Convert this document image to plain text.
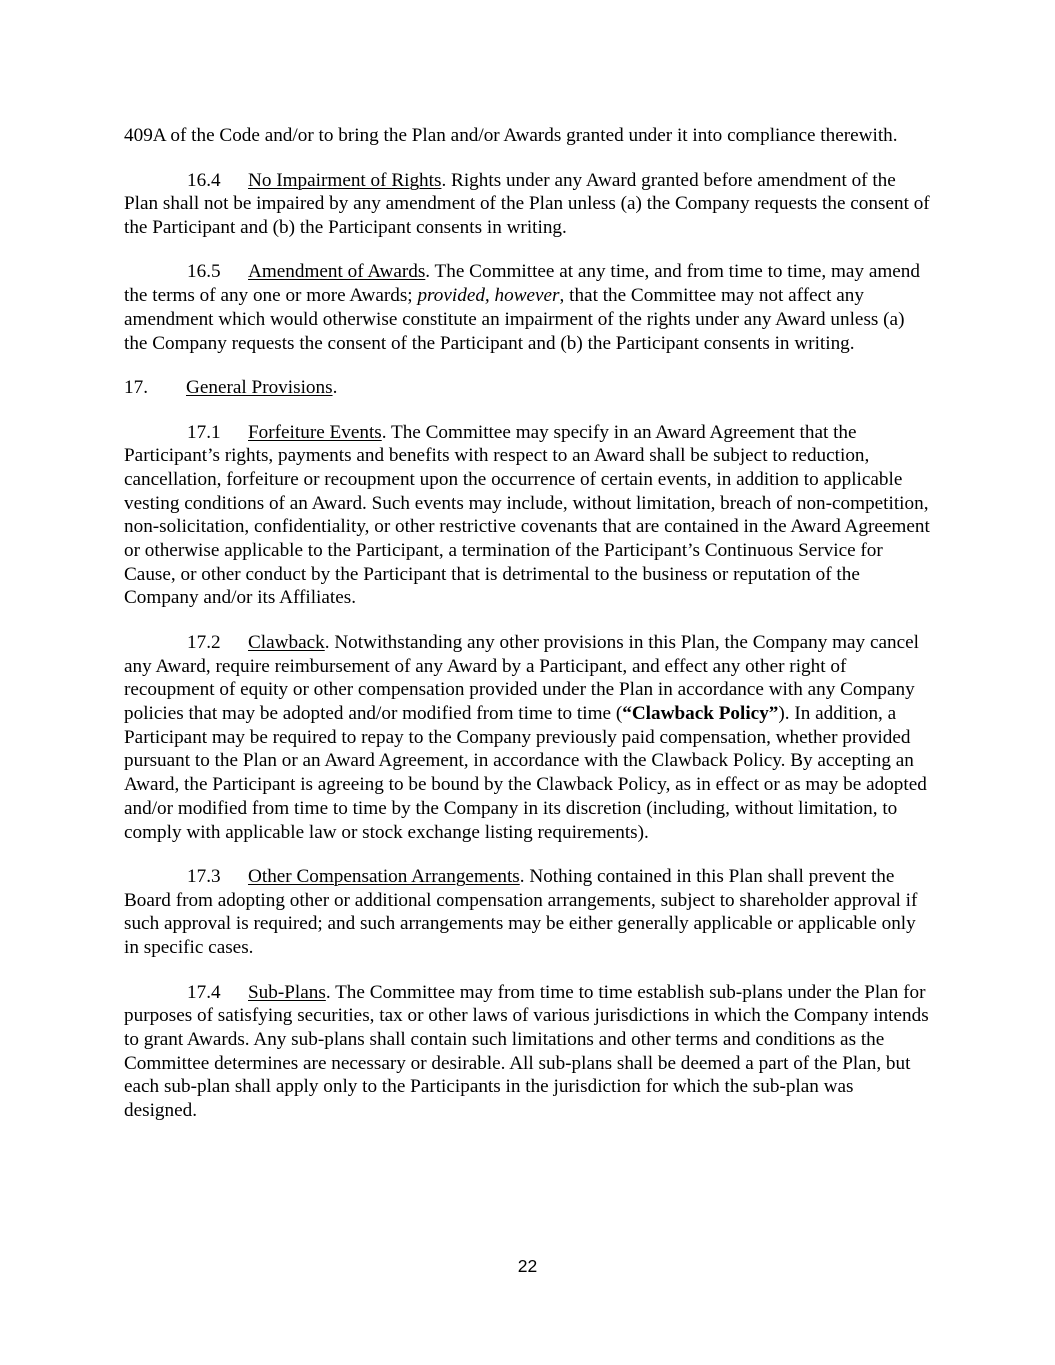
409A of the Code and/or to bring the Plan and/or Awards granted under it into compliance therewith.

16.4 No Impairment of Rights. Rights under any Award granted before amendment of the Plan shall not be impaired by any amendment of the Plan unless (a) the Company requests the consent of the Participant and (b) the Participant consents in writing.

16.5 Amendment of Awards. The Committee at any time, and from time to time, may amend the terms of any one or more Awards; provided, however, that the Committee may not affect any amendment which would otherwise constitute an impairment of the rights under any Award unless (a) the Company requests the consent of the Participant and (b) the Participant consents in writing.

17. General Provisions.

17.1 Forfeiture Events. The Committee may specify in an Award Agreement that the Participant’s rights, payments and benefits with respect to an Award shall be subject to reduction, cancellation, forfeiture or recoupment upon the occurrence of certain events, in addition to applicable vesting conditions of an Award. Such events may include, without limitation, breach of non-competition, non-solicitation, confidentiality, or other restrictive covenants that are contained in the Award Agreement or otherwise applicable to the Participant, a termination of the Participant’s Continuous Service for Cause, or other conduct by the Participant that is detrimental to the business or reputation of the Company and/or its Affiliates.

17.2 Clawback. Notwithstanding any other provisions in this Plan, the Company may cancel any Award, require reimbursement of any Award by a Participant, and effect any other right of recoupment of equity or other compensation provided under the Plan in accordance with any Company policies that may be adopted and/or modified from time to time (“Clawback Policy”). In addition, a Participant may be required to repay to the Company previously paid compensation, whether provided pursuant to the Plan or an Award Agreement, in accordance with the Clawback Policy. By accepting an Award, the Participant is agreeing to be bound by the Clawback Policy, as in effect or as may be adopted and/or modified from time to time by the Company in its discretion (including, without limitation, to comply with applicable law or stock exchange listing requirements).

17.3 Other Compensation Arrangements. Nothing contained in this Plan shall prevent the Board from adopting other or additional compensation arrangements, subject to shareholder approval if such approval is required; and such arrangements may be either generally applicable or applicable only in specific cases.

17.4 Sub-Plans. The Committee may from time to time establish sub-plans under the Plan for purposes of satisfying securities, tax or other laws of various jurisdictions in which the Company intends to grant Awards. Any sub-plans shall contain such limitations and other terms and conditions as the Committee determines are necessary or desirable. All sub-plans shall be deemed a part of the Plan, but each sub-plan shall apply only to the Participants in the jurisdiction for which the sub-plan was designed.

22
